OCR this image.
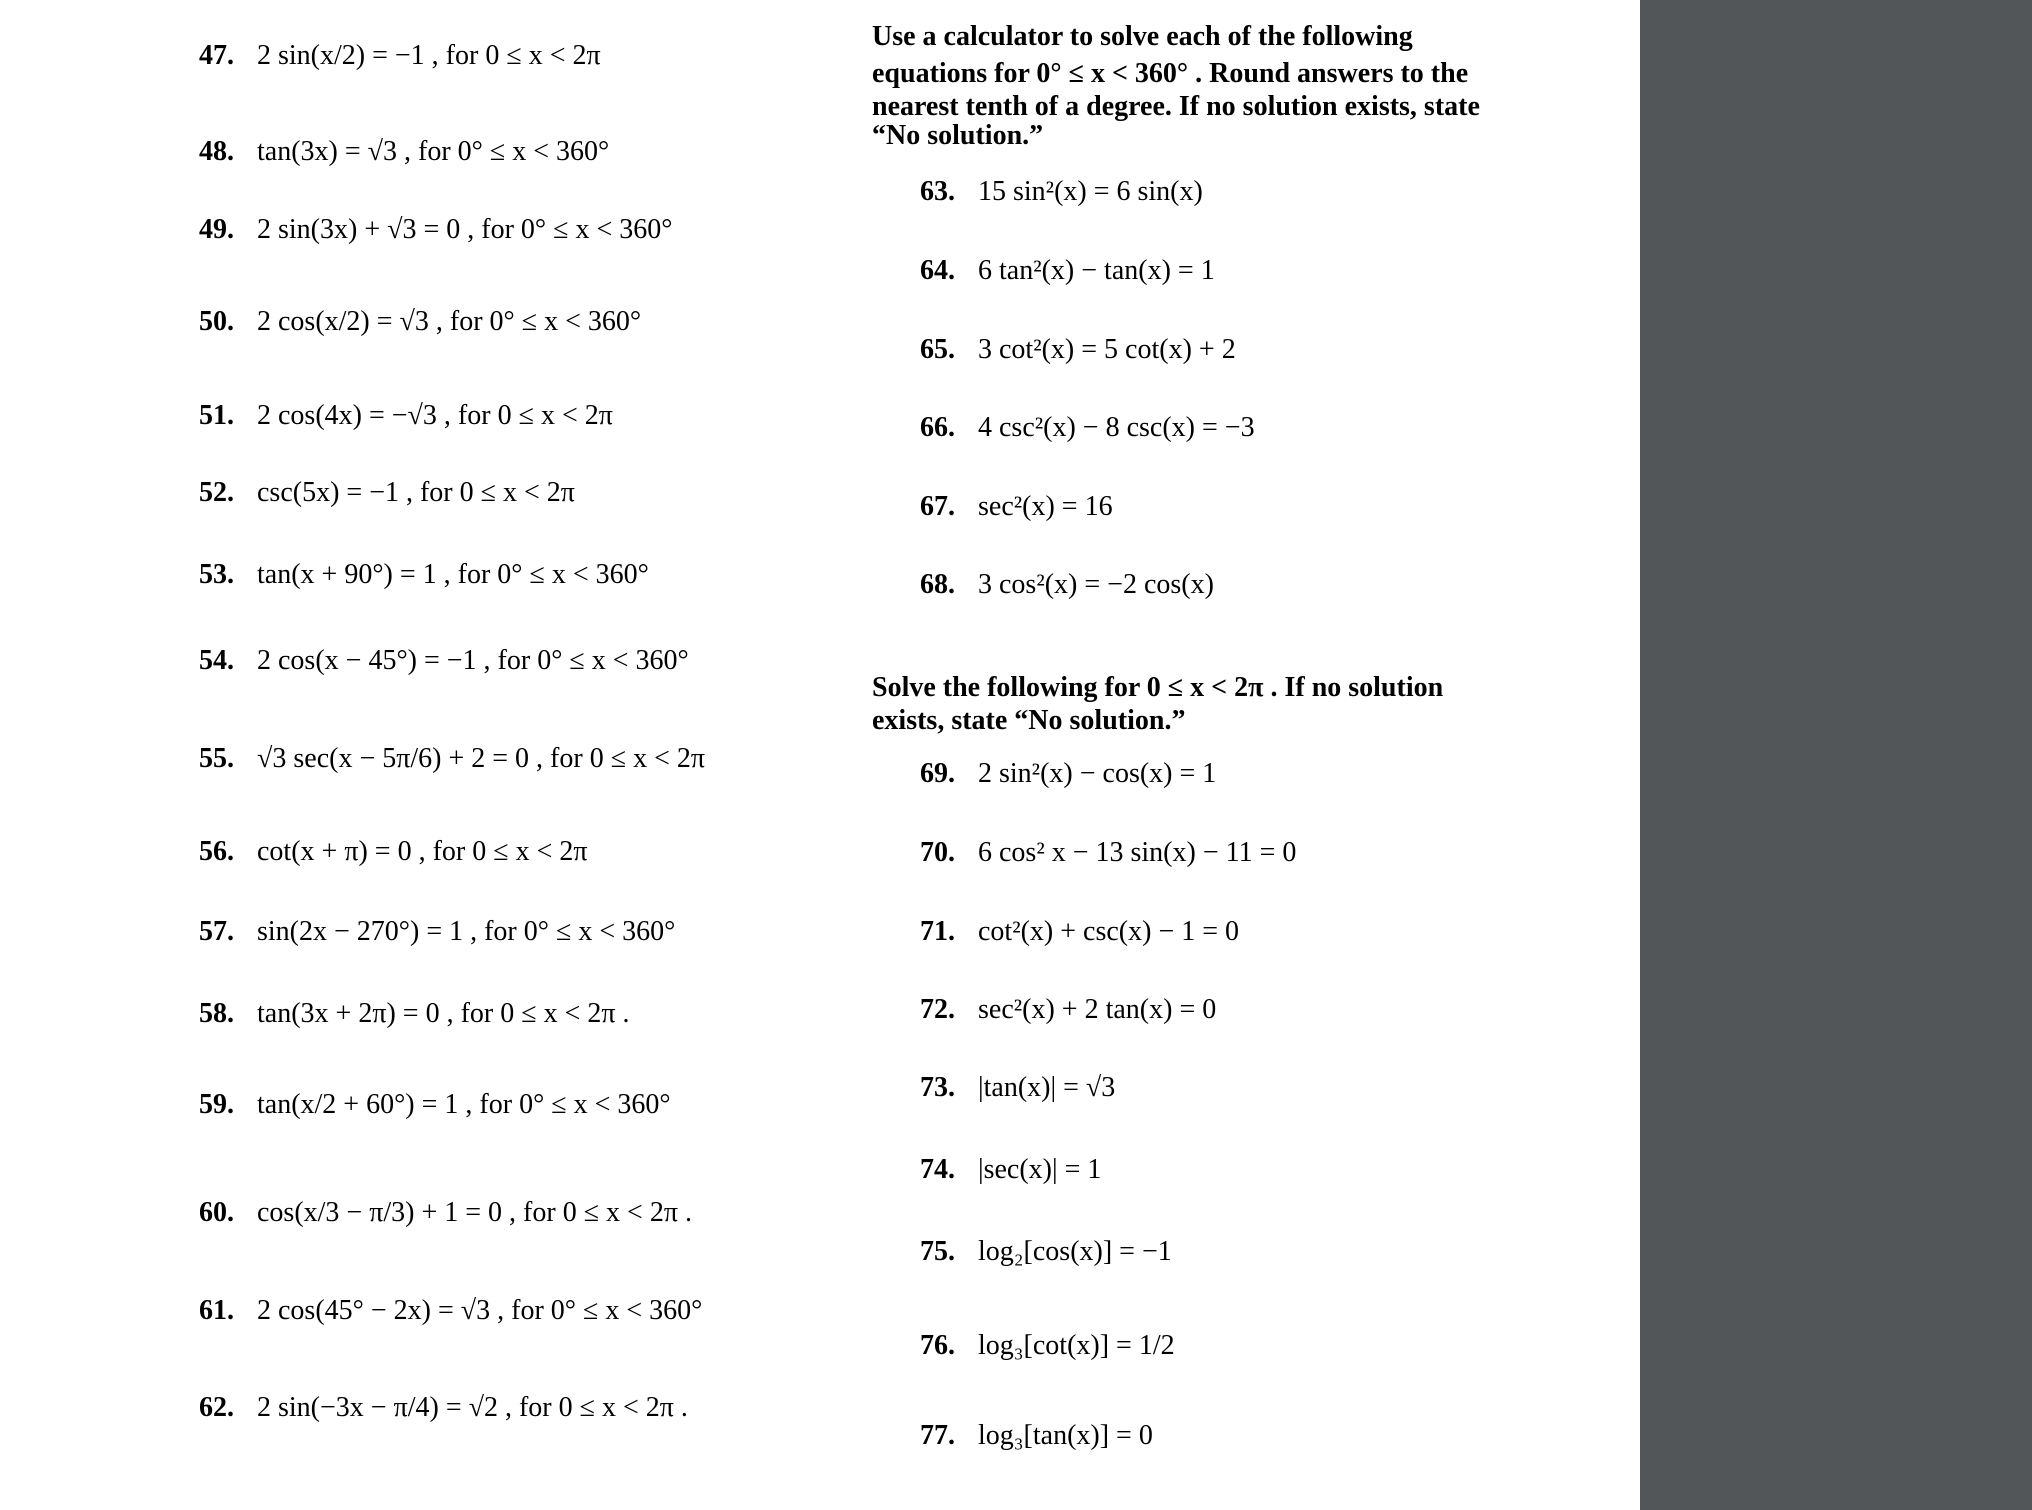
47. 2 sin(x/2) = −1 , for 0 ≤ x < 2π
48. tan(3x) = √3 , for 0° ≤ x < 360°
49. 2 sin(3x) + √3 = 0 , for 0° ≤ x < 360°
50. 2 cos(x/2) = √3 , for 0° ≤ x < 360°
51. 2 cos(4x) = −√3 , for 0 ≤ x < 2π
52. csc(5x) = −1 , for 0 ≤ x < 2π
53. tan(x + 90°) = 1 , for 0° ≤ x < 360°
54. 2 cos(x − 45°) = −1 , for 0° ≤ x < 360°
55. √3 sec(x − 5π/6) + 2 = 0 , for 0 ≤ x < 2π
56. cot(x + π) = 0 , for 0 ≤ x < 2π
57. sin(2x − 270°) = 1 , for 0° ≤ x < 360°
58. tan(3x + 2π) = 0 , for 0 ≤ x < 2π .
59. tan(x/2 + 60°) = 1 , for 0° ≤ x < 360°
60. cos(x/3 − π/3) + 1 = 0 , for 0 ≤ x < 2π .
61. 2 cos(45° − 2x) = √3 , for 0° ≤ x < 360°
62. 2 sin(−3x − π/4) = √2 , for 0 ≤ x < 2π .
Use a calculator to solve each of the following
equations for 0° ≤ x < 360° . Round answers to the
nearest tenth of a degree. If no solution exists, state
“No solution.”
63. 15 sin²(x) = 6 sin(x)
64. 6 tan²(x) − tan(x) = 1
65. 3 cot²(x) = 5 cot(x) + 2
66. 4 csc²(x) − 8 csc(x) = −3
67. sec²(x) = 16
68. 3 cos²(x) = −2 cos(x)
Solve the following for 0 ≤ x < 2π . If no solution
exists, state “No solution.”
69. 2 sin²(x) − cos(x) = 1
70. 6 cos² x − 13 sin(x) − 11 = 0
71. cot²(x) + csc(x) − 1 = 0
72. sec²(x) + 2 tan(x) = 0
73. |tan(x)| = √3
74. |sec(x)| = 1
75. log₂[cos(x)] = −1
76. log₃[cot(x)] = 1/2
77. log₃[tan(x)] = 0
